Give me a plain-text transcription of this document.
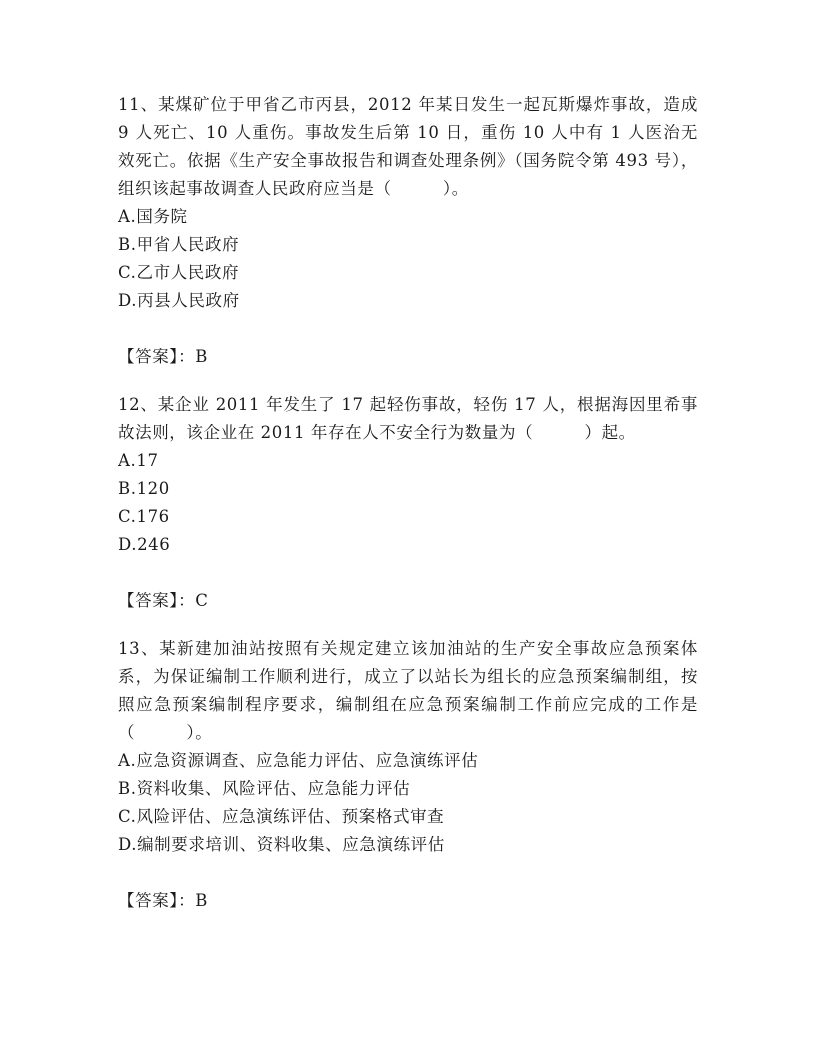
11、某煤矿位于甲省乙市丙县，2012 年某日发生一起瓦斯爆炸事故，造成 9 人死亡、10 人重伤。事故发生后第 10 日，重伤 10 人中有 1 人医治无效死亡。依据《生产安全事故报告和调查处理条例》（国务院令第 493 号），组织该起事故调查人民政府应当是（　　　）。

A.国务院

B.甲省人民政府

C.乙市人民政府

D.丙县人民政府

【答案】：B

12、某企业 2011 年发生了 17 起轻伤事故，轻伤 17 人，根据海因里希事故法则，该企业在 2011 年存在人不安全行为数量为（　　　）起。

A.17

B.120

C.176

D.246

【答案】：C

13、某新建加油站按照有关规定建立该加油站的生产安全事故应急预案体系，为保证编制工作顺利进行，成立了以站长为组长的应急预案编制组，按照应急预案编制程序要求，编制组在应急预案编制工作前应完成的工作是（　　　）。

A.应急资源调查、应急能力评估、应急演练评估

B.资料收集、风险评估、应急能力评估

C.风险评估、应急演练评估、预案格式审查

D.编制要求培训、资料收集、应急演练评估

【答案】：B
